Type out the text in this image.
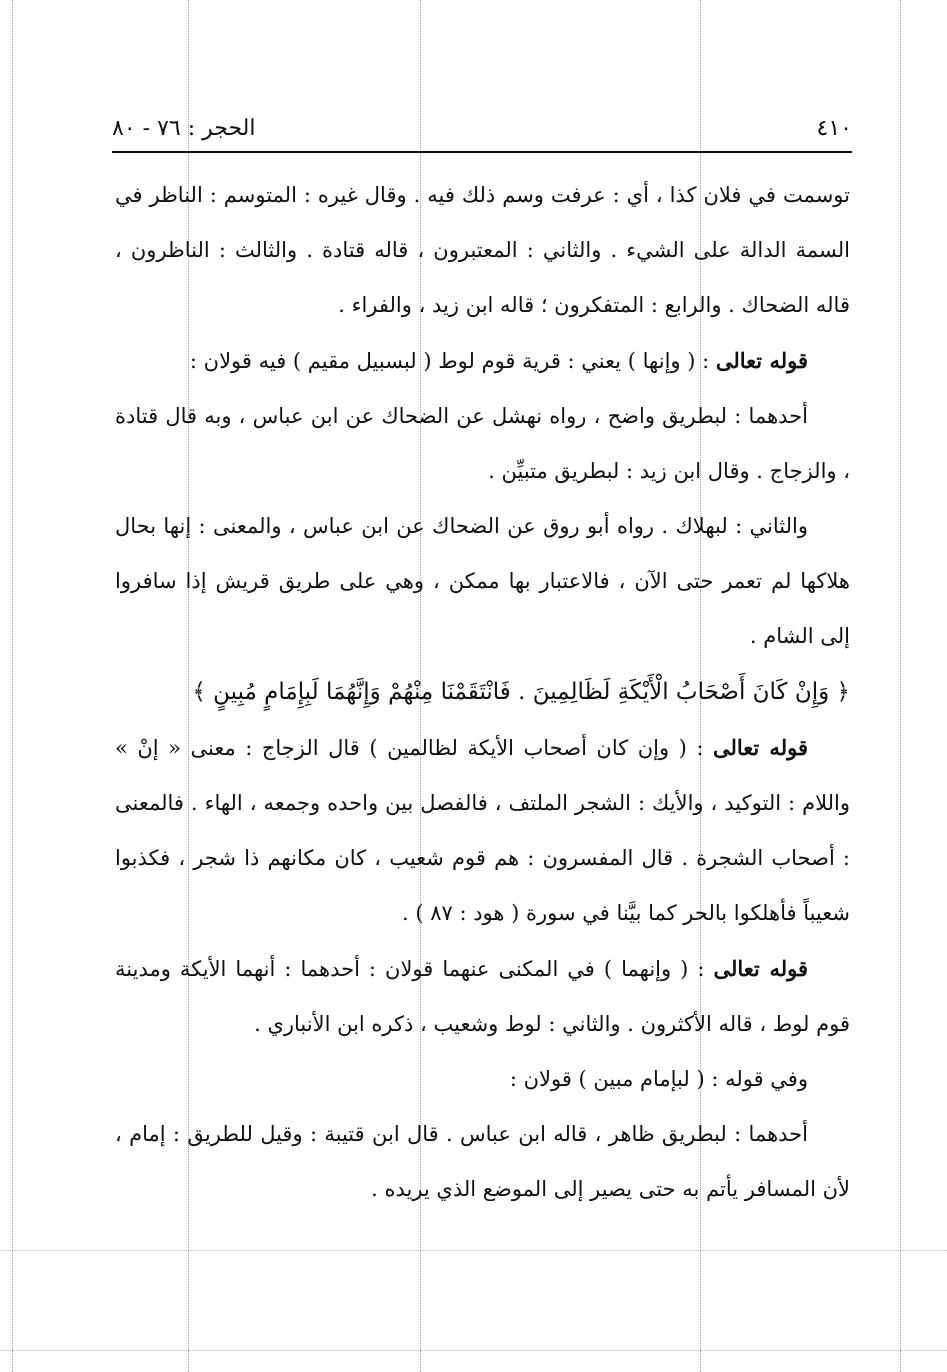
٤١٠
الحجر : ٧٦ - ٨٠

توسمت في فلان كذا ، أي : عرفت وسم ذلك فيه . وقال غيره : المتوسم : الناظر في السمة الدالة على الشيء . والثاني : المعتبرون ، قاله قتادة . والثالث : الناظرون ، قاله الضحاك . والرابع : المتفكرون ؛ قاله ابن زيد ، والفراء .

قوله تعالى : ( وإنها ) يعني : قرية قوم لوط ( لبسبيل مقيم ) فيه قولان :

أحدهما : لبطريق واضح ، رواه نهشل عن الضحاك عن ابن عباس ، وبه قال قتادة ، والزجاج . وقال ابن زيد : لبطريق متبيِّن .

والثاني : لبهلاك . رواه أبو روق عن الضحاك عن ابن عباس ، والمعنى : إنها بحال هلاكها لم تعمر حتى الآن ، فالاعتبار بها ممكن ، وهي على طريق قريش إذا سافروا إلى الشام .

﴿ وَإِنْ كَانَ أَصْحَابُ الْأَيْكَةِ لَظَالِمِينَ . فَانْتَقَمْنَا مِنْهُمْ وَإِنَّهُمَا لَبِإِمَامٍ مُبِينٍ ﴾

قوله تعالى : ( وإن كان أصحاب الأيكة لظالمين ) قال الزجاج : معنى « إنْ » واللام : التوكيد ، والأيك : الشجر الملتف ، فالفصل بين واحده وجمعه ، الهاء . فالمعنى : أصحاب الشجرة . قال المفسرون : هم قوم شعيب ، كان مكانهم ذا شجر ، فكذبوا شعيباً فأهلكوا بالحر كما بيَّنا في سورة ( هود : ٨٧ ) .

قوله تعالى : ( وإنهما ) في المكنى عنهما قولان : أحدهما : أنهما الأيكة ومدينة قوم لوط ، قاله الأكثرون . والثاني : لوط وشعيب ، ذكره ابن الأنباري .

وفي قوله : ( لبإمام مبين ) قولان :

أحدهما : لبطريق ظاهر ، قاله ابن عباس . قال ابن قتيبة : وقيل للطريق : إمام ، لأن المسافر يأتم به حتى يصير إلى الموضع الذي يريده .
